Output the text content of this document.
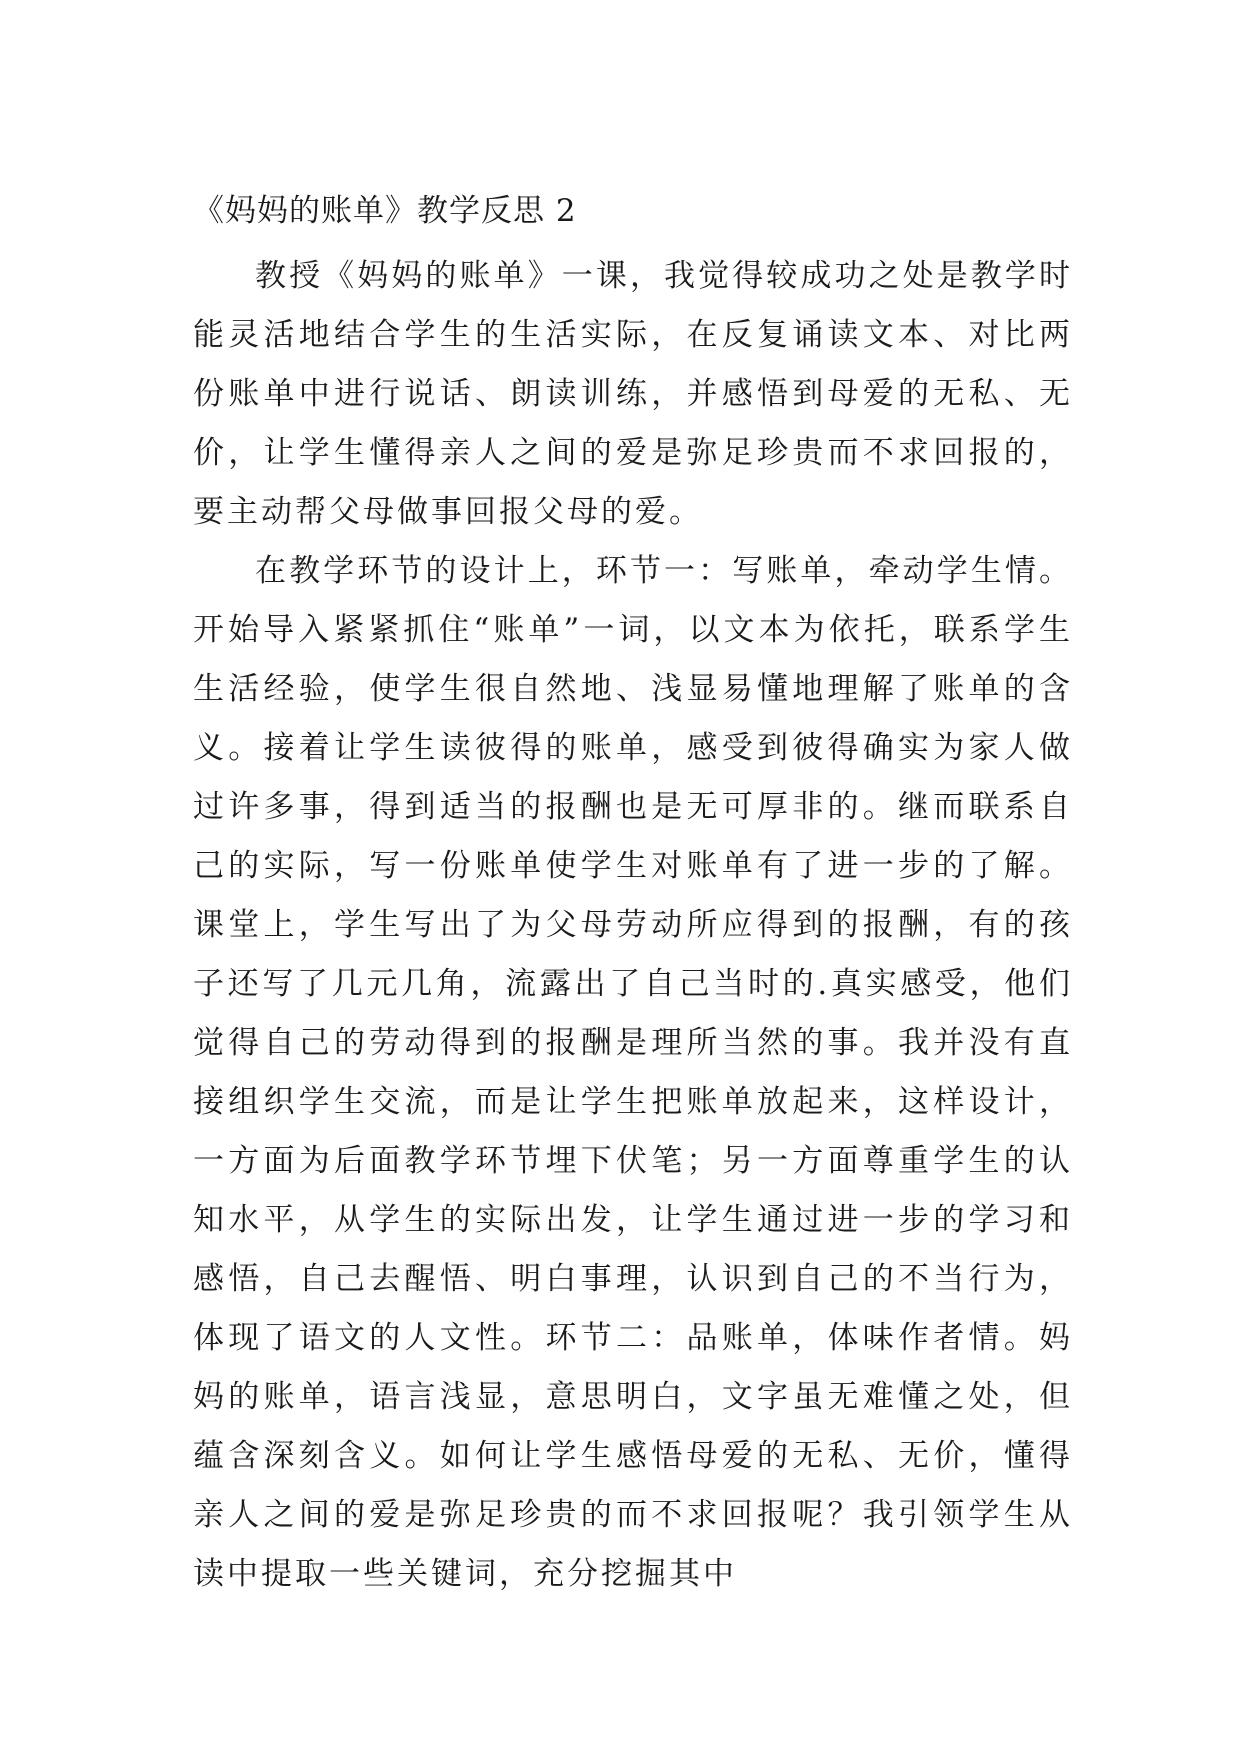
《妈妈的账单》教学反思 2

教授《妈妈的账单》一课，我觉得较成功之处是教学时能灵活地结合学生的生活实际，在反复诵读文本、对比两份账单中进行说话、朗读训练，并感悟到母爱的无私、无价，让学生懂得亲人之间的爱是弥足珍贵而不求回报的，要主动帮父母做事回报父母的爱。

在教学环节的设计上，环节一：写账单，牵动学生情。开始导入紧紧抓住“账单”一词，以文本为依托，联系学生生活经验，使学生很自然地、浅显易懂地理解了账单的含义。接着让学生读彼得的账单，感受到彼得确实为家人做过许多事，得到适当的报酬也是无可厚非的。继而联系自己的实际，写一份账单使学生对账单有了进一步的了解。课堂上，学生写出了为父母劳动所应得到的报酬，有的孩子还写了几元几角，流露出了自己当时的.真实感受，他们觉得自己的劳动得到的报酬是理所当然的事。我并没有直接组织学生交流，而是让学生把账单放起来，这样设计，一方面为后面教学环节埋下伏笔；另一方面尊重学生的认知水平，从学生的实际出发，让学生通过进一步的学习和感悟，自己去醒悟、明白事理，认识到自己的不当行为，体现了语文的人文性。环节二：品账单，体味作者情。妈妈的账单，语言浅显，意思明白，文字虽无难懂之处，但蕴含深刻含义。如何让学生感悟母爱的无私、无价，懂得亲人之间的爱是弥足珍贵的而不求回报呢？我引领学生从读中提取一些关键词，充分挖掘其中
